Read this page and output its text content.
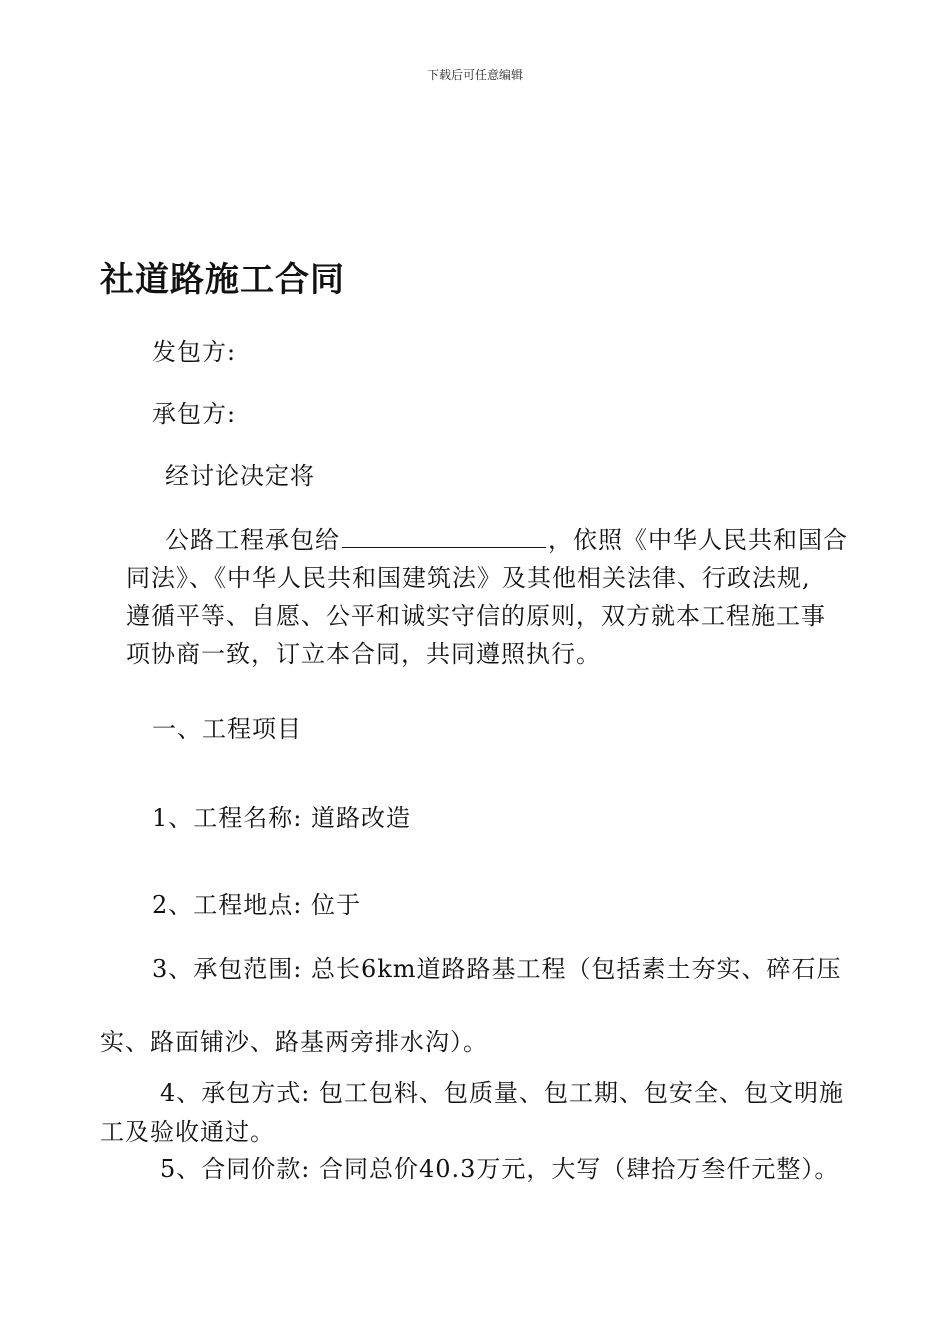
下载后可任意编辑
社道路施工合同
发包方:
承包方:
经讨论决定将
公路工程承包给	，依照《中华人民共和国合
同法》、《中华人民共和国建筑法》及其他相关法律、行政法规,
遵循平等、自愿、公平和诚实守信的原则，双方就本工程施工事
项协商一致，订立本合同，共同遵照执行。
一、工程项目
1、工程名称: 道路改造
2、工程地点: 位于
3、承包范围: 总长6km道路路基工程（包括素土夯实、碎石压
实、路面铺沙、路基两旁排水沟）。
4、承包方式: 包工包料、包质量、包工期、包安全、包文明施
工及验收通过。
5、合同价款: 合同总价40.3万元，大写（肆拾万叁仟元整）。
